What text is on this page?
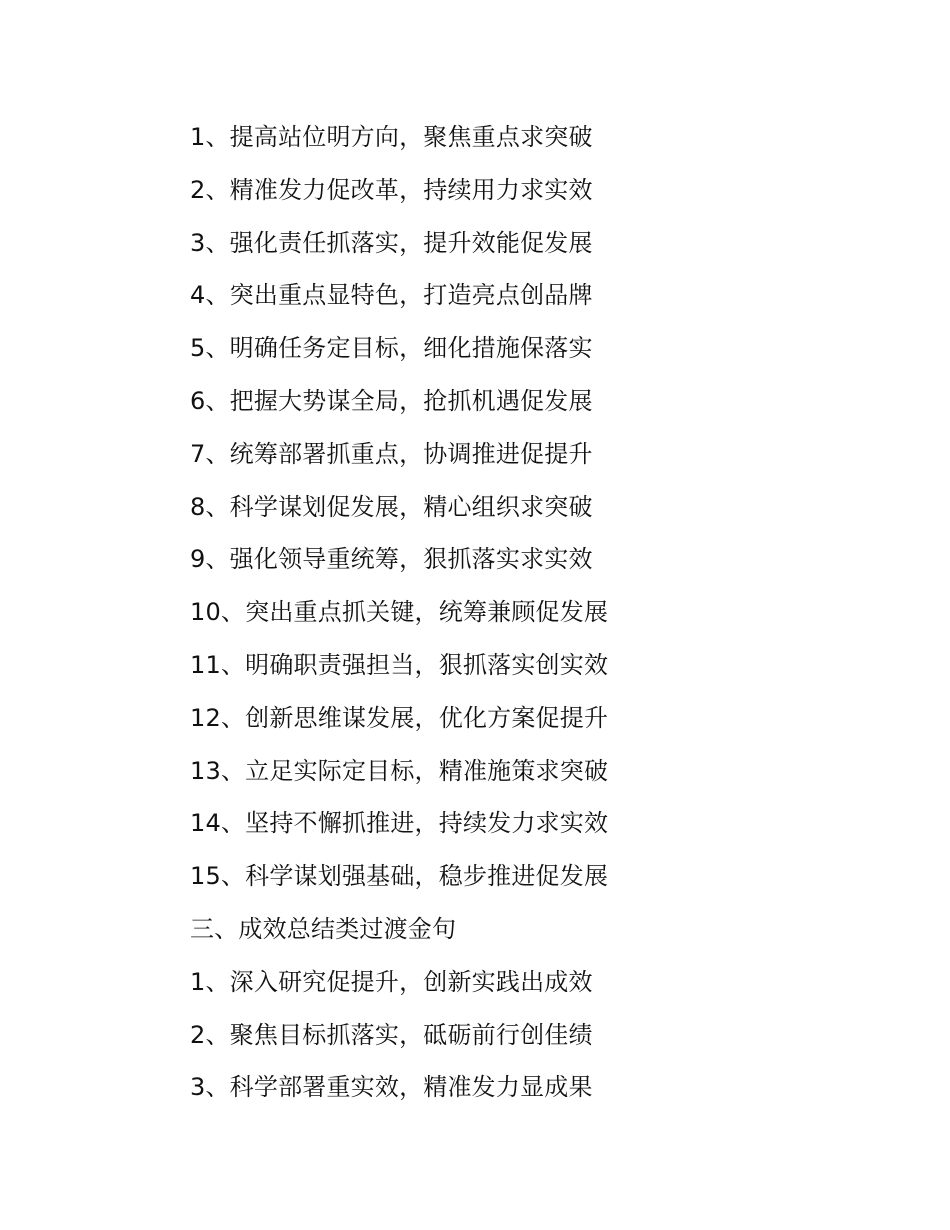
1、提高站位明方向，聚焦重点求突破
2、精准发力促改革，持续用力求实效
3、强化责任抓落实，提升效能促发展
4、突出重点显特色，打造亮点创品牌
5、明确任务定目标，细化措施保落实
6、把握大势谋全局，抢抓机遇促发展
7、统筹部署抓重点，协调推进促提升
8、科学谋划促发展，精心组织求突破
9、强化领导重统筹，狠抓落实求实效
10、突出重点抓关键，统筹兼顾促发展
11、明确职责强担当，狠抓落实创实效
12、创新思维谋发展，优化方案促提升
13、立足实际定目标，精准施策求突破
14、坚持不懈抓推进，持续发力求实效
15、科学谋划强基础，稳步推进促发展
三、成效总结类过渡金句
1、深入研究促提升，创新实践出成效
2、聚焦目标抓落实，砥砺前行创佳绩
3、科学部署重实效，精准发力显成果
